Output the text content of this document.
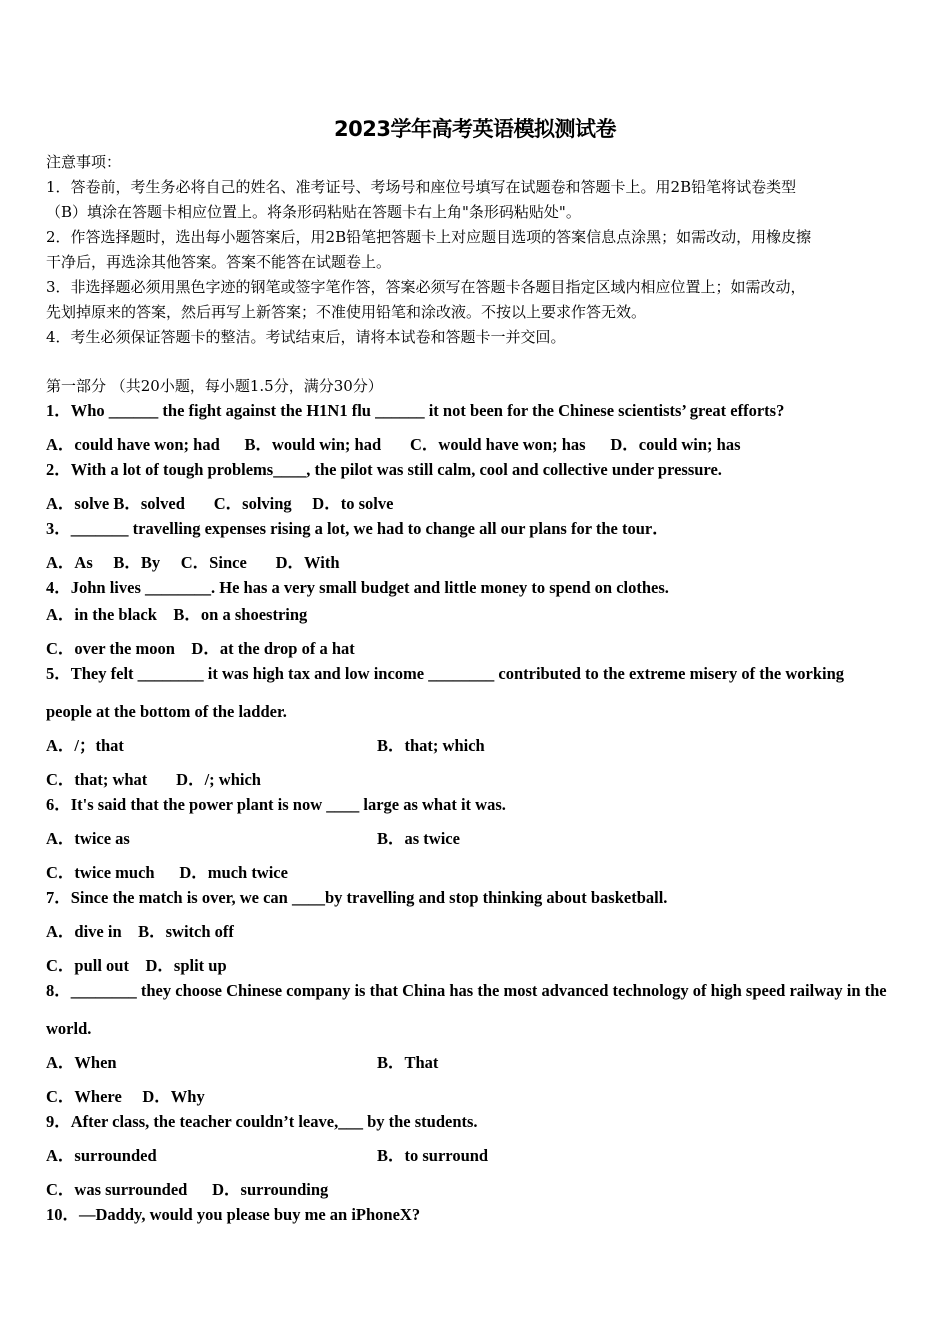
2023学年高考英语模拟测试卷
注意事项：
1．答卷前，考生务必将自己的姓名、准考证号、考场号和座位号填写在试题卷和答题卡上。用2B铅笔将试卷类型
（B）填涂在答题卡相应位置上。将条形码粘贴在答题卡右上角"条形码粘贴处"。
2．作答选择题时，选出每小题答案后，用2B铅笔把答题卡上对应题目选项的答案信息点涂黑；如需改动，用橡皮擦
干净后，再选涂其他答案。答案不能答在试题卷上。
3．非选择题必须用黑色字迹的钢笔或签字笔作答，答案必须写在答题卡各题目指定区域内相应位置上；如需改动，
先划掉原来的答案，然后再写上新答案；不准使用铅笔和涂改液。不按以上要求作答无效。
4．考生必须保证答题卡的整洁。考试结束后，请将本试卷和答题卡一并交回。
第一部分 （共20小题，每小题1.5分，满分30分）
1．Who ______ the fight against the H1N1 flu ______ it not been for the Chinese scientists’ great efforts?
A．could have won; had      B．would win; had       C．would have won; has      D．could win; has
2．With a lot of tough problems____, the pilot was still calm, cool and collective under pressure.
A．solve B．solved       C．solving     D．to solve
3．_______ travelling expenses rising a lot, we had to change all our plans for the tour．
A．As     B．By     C．Since       D．With
4．John lives ________. He has a very small budget and little money to spend on clothes.
A．in the black    B．on a shoestring
C．over the moon    D．at the drop of a hat
5．They felt ________ it was high tax and low income ________ contributed to the extreme misery of the working
people at the bottom of the ladder.
A．/；that	B．that; which
C．that; what       D．/; which
6．It's said that the power plant is now ____ large as what it was.
A．twice as	B．as twice
C．twice much      D．much twice
7．Since the match is over, we can ____by travelling and stop thinking about basketball.
A．dive in    B．switch off
C．pull out    D．split up
8．________ they choose Chinese company is that China has the most advanced technology of high speed railway in the
world.
A．When	B．That
C．Where     D．Why
9．After class, the teacher couldn’t leave,___ by the students.
A．surrounded	B．to surround
C．was surrounded      D．surrounding
10．—Daddy, would you please buy me an iPhoneX?
